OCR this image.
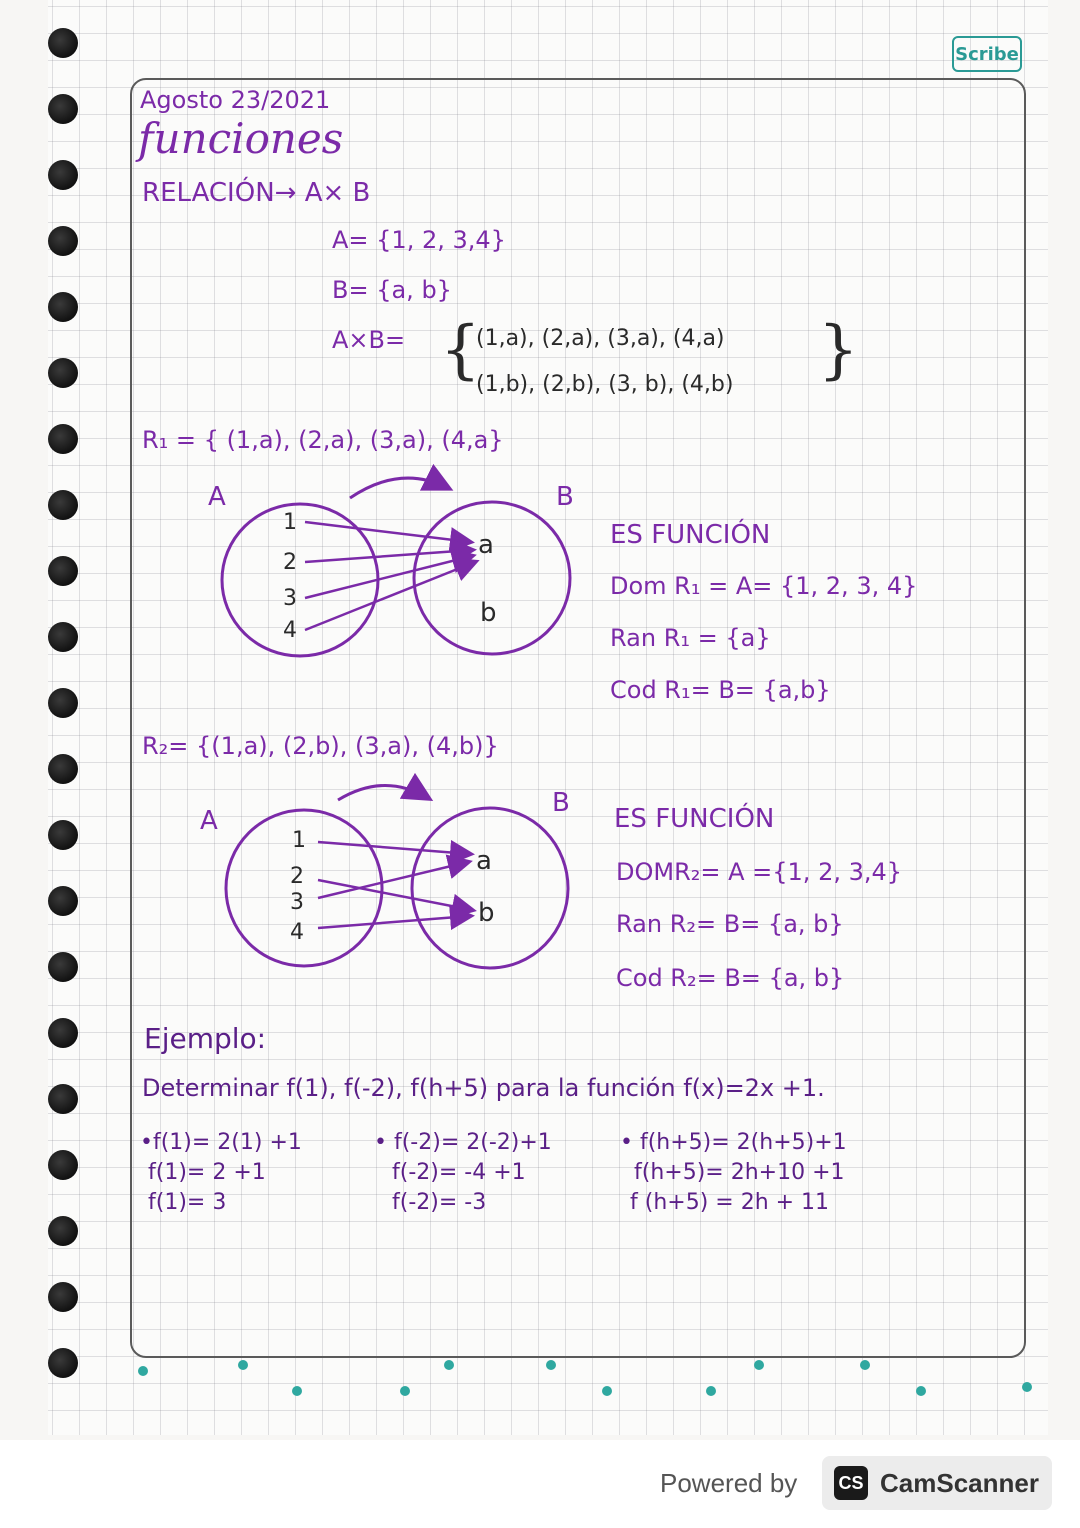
Scribe
Agosto 23/2021
funciones
RELACIÓN→ A× B
A= {1, 2, 3,4}
B= {a, b}
A×B= {
(1,a), (2,a), (3,a), (4,a)
(1,b), (2,b), (3, b), (4,b) }
R₁ = { (1,a), (2,a), (3,a), (4,a}
A	B
1
2
3
4
a
b
ES FUNCIÓN
Dom R₁ = A= {1, 2, 3, 4}
Ran R₁ = {a}
Cod R₁= B= {a,b}
R₂= {(1,a), (2,b), (3,a), (4,b)}
A
B
1
2
3
4
a
b
ES FUNCIÓN
DOMR₂= A ={1, 2, 3,4}
Ran R₂= B= {a, b}
Cod R₂= B= {a, b}
Ejemplo:
Determinar f(1), f(-2), f(h+5) para la función f(x)=2x +1.
•f(1)= 2(1) +1
f(1)= 2 +1
f(1)= 3
• f(-2)= 2(-2)+1
f(-2)= -4 +1
f(-2)= -3
• f(h+5)= 2(h+5)+1
f(h+5)= 2h+10 +1
f (h+5) = 2h + 11
Powered by CS CamScanner
